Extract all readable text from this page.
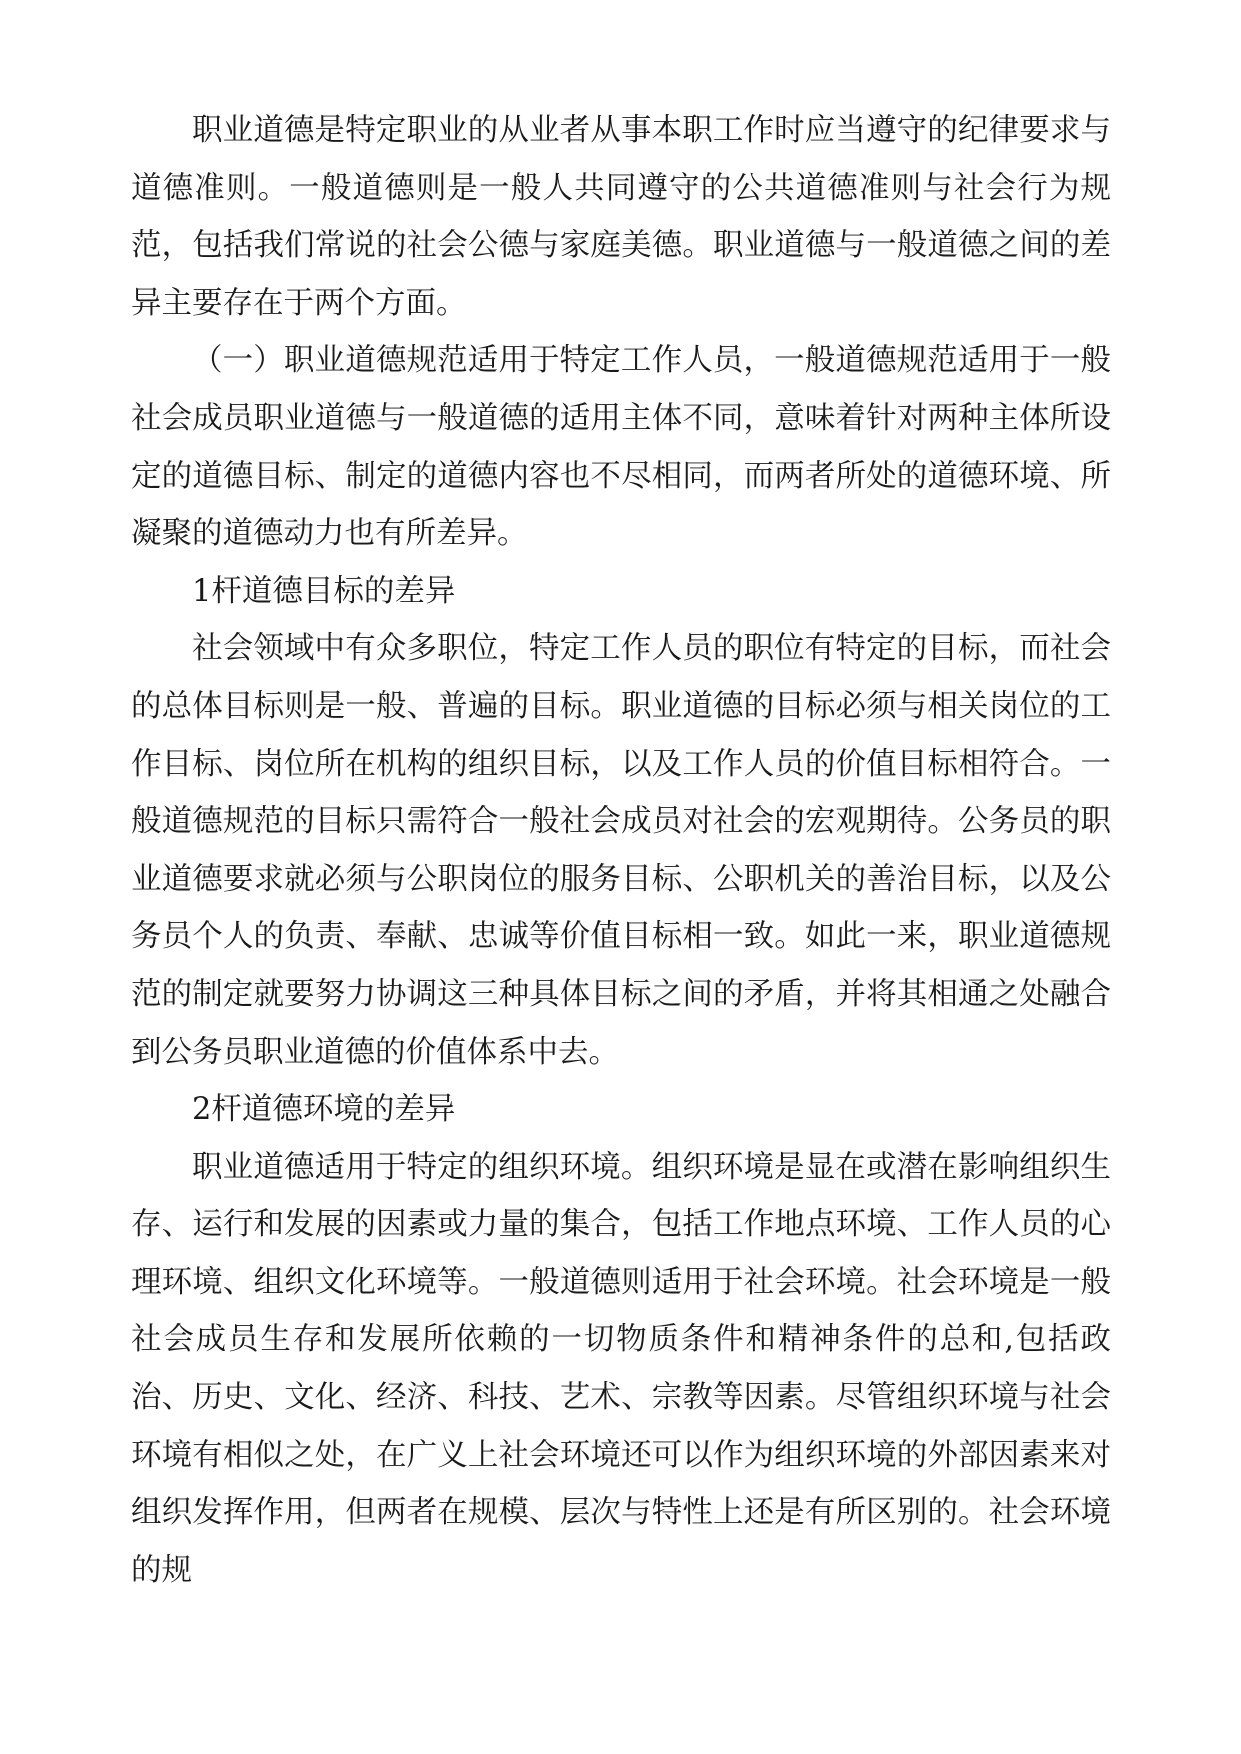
职业道德是特定职业的从业者从事本职工作时应当遵守的纪律要求与道德准则。一般道德则是一般人共同遵守的公共道德准则与社会行为规范，包括我们常说的社会公德与家庭美德。职业道德与一般道德之间的差异主要存在于两个方面。

（一）职业道德规范适用于特定工作人员，一般道德规范适用于一般社会成员职业道德与一般道德的适用主体不同，意味着针对两种主体所设定的道德目标、制定的道德内容也不尽相同，而两者所处的道德环境、所凝聚的道德动力也有所差异。

1杆道德目标的差异

社会领域中有众多职位，特定工作人员的职位有特定的目标，而社会的总体目标则是一般、普遍的目标。职业道德的目标必须与相关岗位的工作目标、岗位所在机构的组织目标，以及工作人员的价值目标相符合。一般道德规范的目标只需符合一般社会成员对社会的宏观期待。公务员的职业道德要求就必须与公职岗位的服务目标、公职机关的善治目标，以及公务员个人的负责、奉献、忠诚等价值目标相一致。如此一来，职业道德规范的制定就要努力协调这三种具体目标之间的矛盾，并将其相通之处融合到公务员职业道德的价值体系中去。

2杆道德环境的差异

职业道德适用于特定的组织环境。组织环境是显在或潜在影响组织生存、运行和发展的因素或力量的集合，包括工作地点环境、工作人员的心理环境、组织文化环境等。一般道德则适用于社会环境。社会环境是一般社会成员生存和发展所依赖的一切物质条件和精神条件的总和,包括政治、历史、文化、经济、科技、艺术、宗教等因素。尽管组织环境与社会环境有相似之处，在广义上社会环境还可以作为组织环境的外部因素来对组织发挥作用，但两者在规模、层次与特性上还是有所区别的。社会环境的规
